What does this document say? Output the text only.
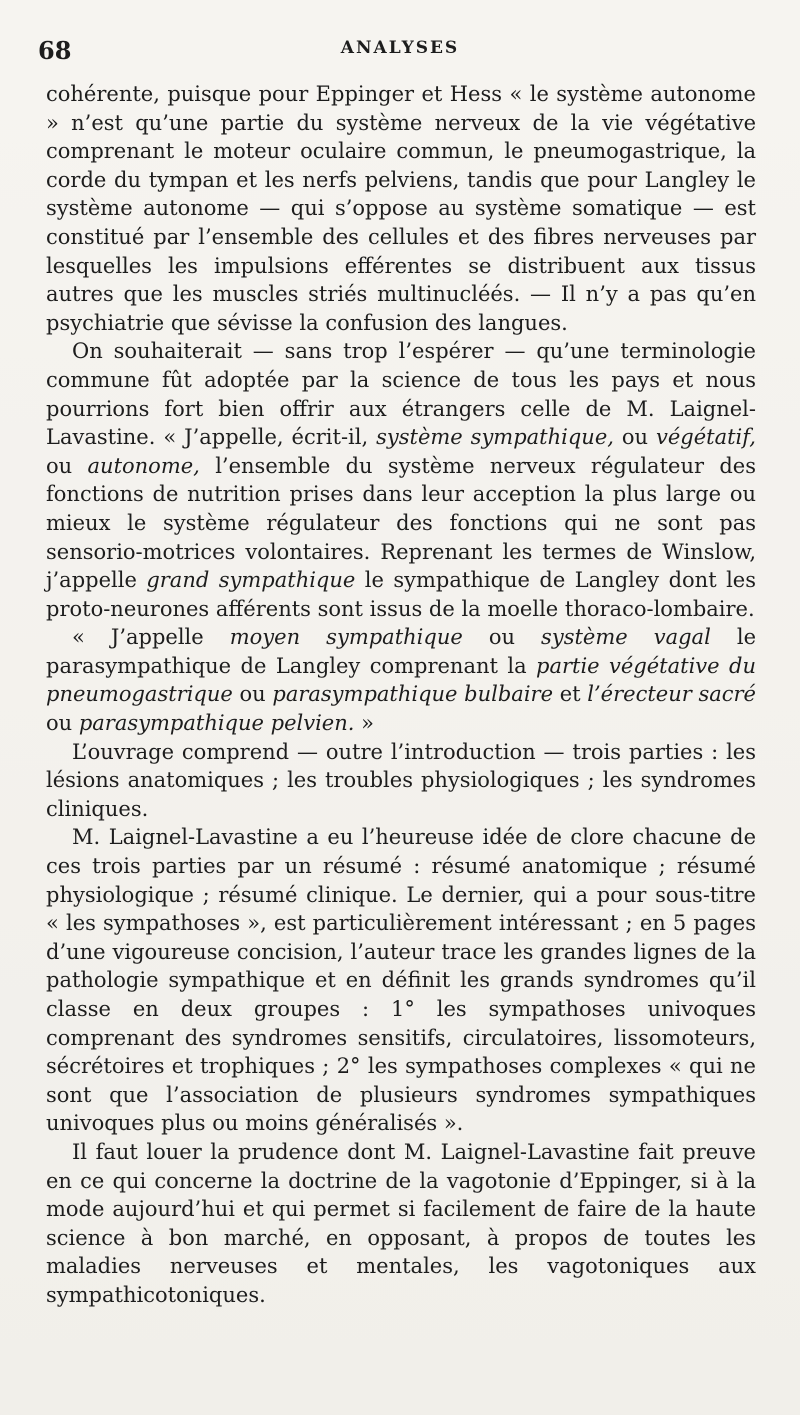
68	ANALYSES

cohérente, puisque pour Eppinger et Hess « le système autonome » n’est qu’une partie du système nerveux de la vie végétative comprenant le moteur oculaire commun, le pneumogastrique, la corde du tympan et les nerfs pelviens, tandis que pour Langley le système autonome — qui s’oppose au système somatique — est constitué par l’ensemble des cellules et des fibres nerveuses par lesquelles les impulsions efférentes se distribuent aux tissus autres que les muscles striés multinucléés. — Il n’y a pas qu’en psychiatrie que sévisse la confusion des langues.

On souhaiterait — sans trop l’espérer — qu’une terminologie commune fût adoptée par la science de tous les pays et nous pourrions fort bien offrir aux étrangers celle de M. Laignel-Lavastine. « J’appelle, écrit-il, système sympathique, ou végétatif, ou autonome, l’ensemble du système nerveux régulateur des fonctions de nutrition prises dans leur acception la plus large ou mieux le système régulateur des fonctions qui ne sont pas sensorio-motrices volontaires. Reprenant les termes de Winslow, j’appelle grand sympathique le sympathique de Langley dont les proto-neurones afférents sont issus de la moelle thoraco-lombaire.

« J’appelle moyen sympathique ou système vagal le parasympathique de Langley comprenant la partie végétative du pneumogastrique ou parasympathique bulbaire et l’érecteur sacré ou parasympathique pelvien. »

L’ouvrage comprend — outre l’introduction — trois parties : les lésions anatomiques ; les troubles physiologiques ; les syndromes cliniques.

M. Laignel-Lavastine a eu l’heureuse idée de clore chacune de ces trois parties par un résumé : résumé anatomique ; résumé physiologique ; résumé clinique. Le dernier, qui a pour sous-titre « les sympathoses », est particulièrement intéressant ; en 5 pages d’une vigoureuse concision, l’auteur trace les grandes lignes de la pathologie sympathique et en définit les grands syndromes qu’il classe en deux groupes : 1° les sympathoses univoques comprenant des syndromes sensitifs, circulatoires, lissomoteurs, sécrétoires et trophiques ; 2° les sympathoses complexes « qui ne sont que l’association de plusieurs syndromes sympathiques univoques plus ou moins généralisés ».

Il faut louer la prudence dont M. Laignel-Lavastine fait preuve en ce qui concerne la doctrine de la vagotonie d’Eppinger, si à la mode aujourd’hui et qui permet si facilement de faire de la haute science à bon marché, en opposant, à propos de toutes les maladies nerveuses et mentales, les vagotoniques aux sympathicotoniques.
